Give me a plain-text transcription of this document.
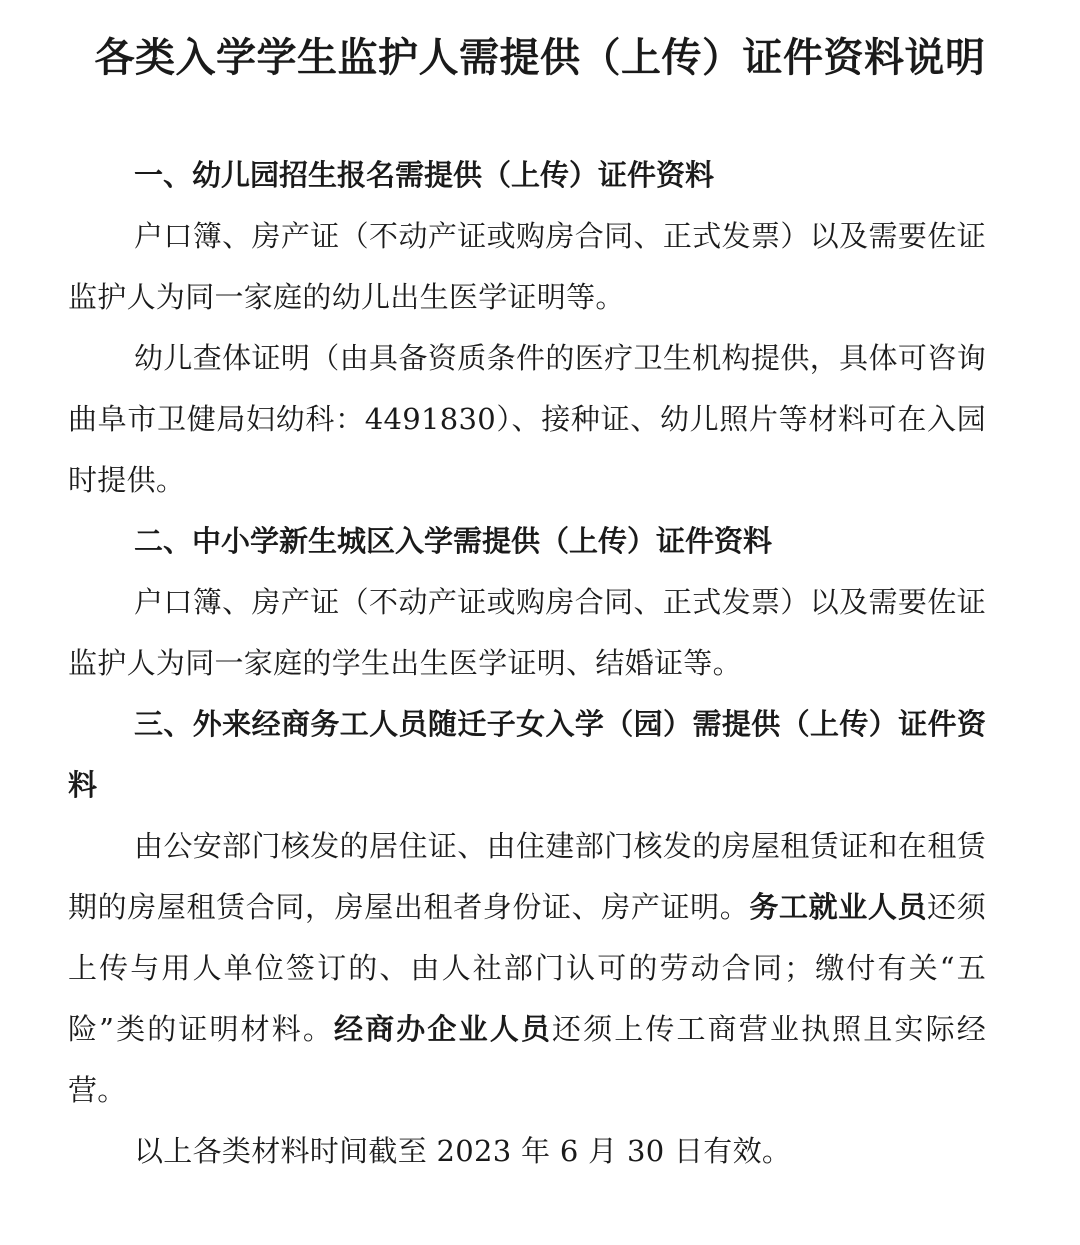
各类入学学生监护人需提供（上传）证件资料说明

一、幼儿园招生报名需提供（上传）证件资料

户口簿、房产证（不动产证或购房合同、正式发票）以及需要佐证监护人为同一家庭的幼儿出生医学证明等。

幼儿查体证明（由具备资质条件的医疗卫生机构提供，具体可咨询曲阜市卫健局妇幼科：4491830）、接种证、幼儿照片等材料可在入园时提供。

二、中小学新生城区入学需提供（上传）证件资料

户口簿、房产证（不动产证或购房合同、正式发票）以及需要佐证监护人为同一家庭的学生出生医学证明、结婚证等。

三、外来经商务工人员随迁子女入学（园）需提供（上传）证件资料

由公安部门核发的居住证、由住建部门核发的房屋租赁证和在租赁期的房屋租赁合同，房屋出租者身份证、房产证明。务工就业人员还须上传与用人单位签订的、由人社部门认可的劳动合同；缴付有关“五险”类的证明材料。经商办企业人员还须上传工商营业执照且实际经营。

以上各类材料时间截至 2023 年 6 月 30 日有效。
